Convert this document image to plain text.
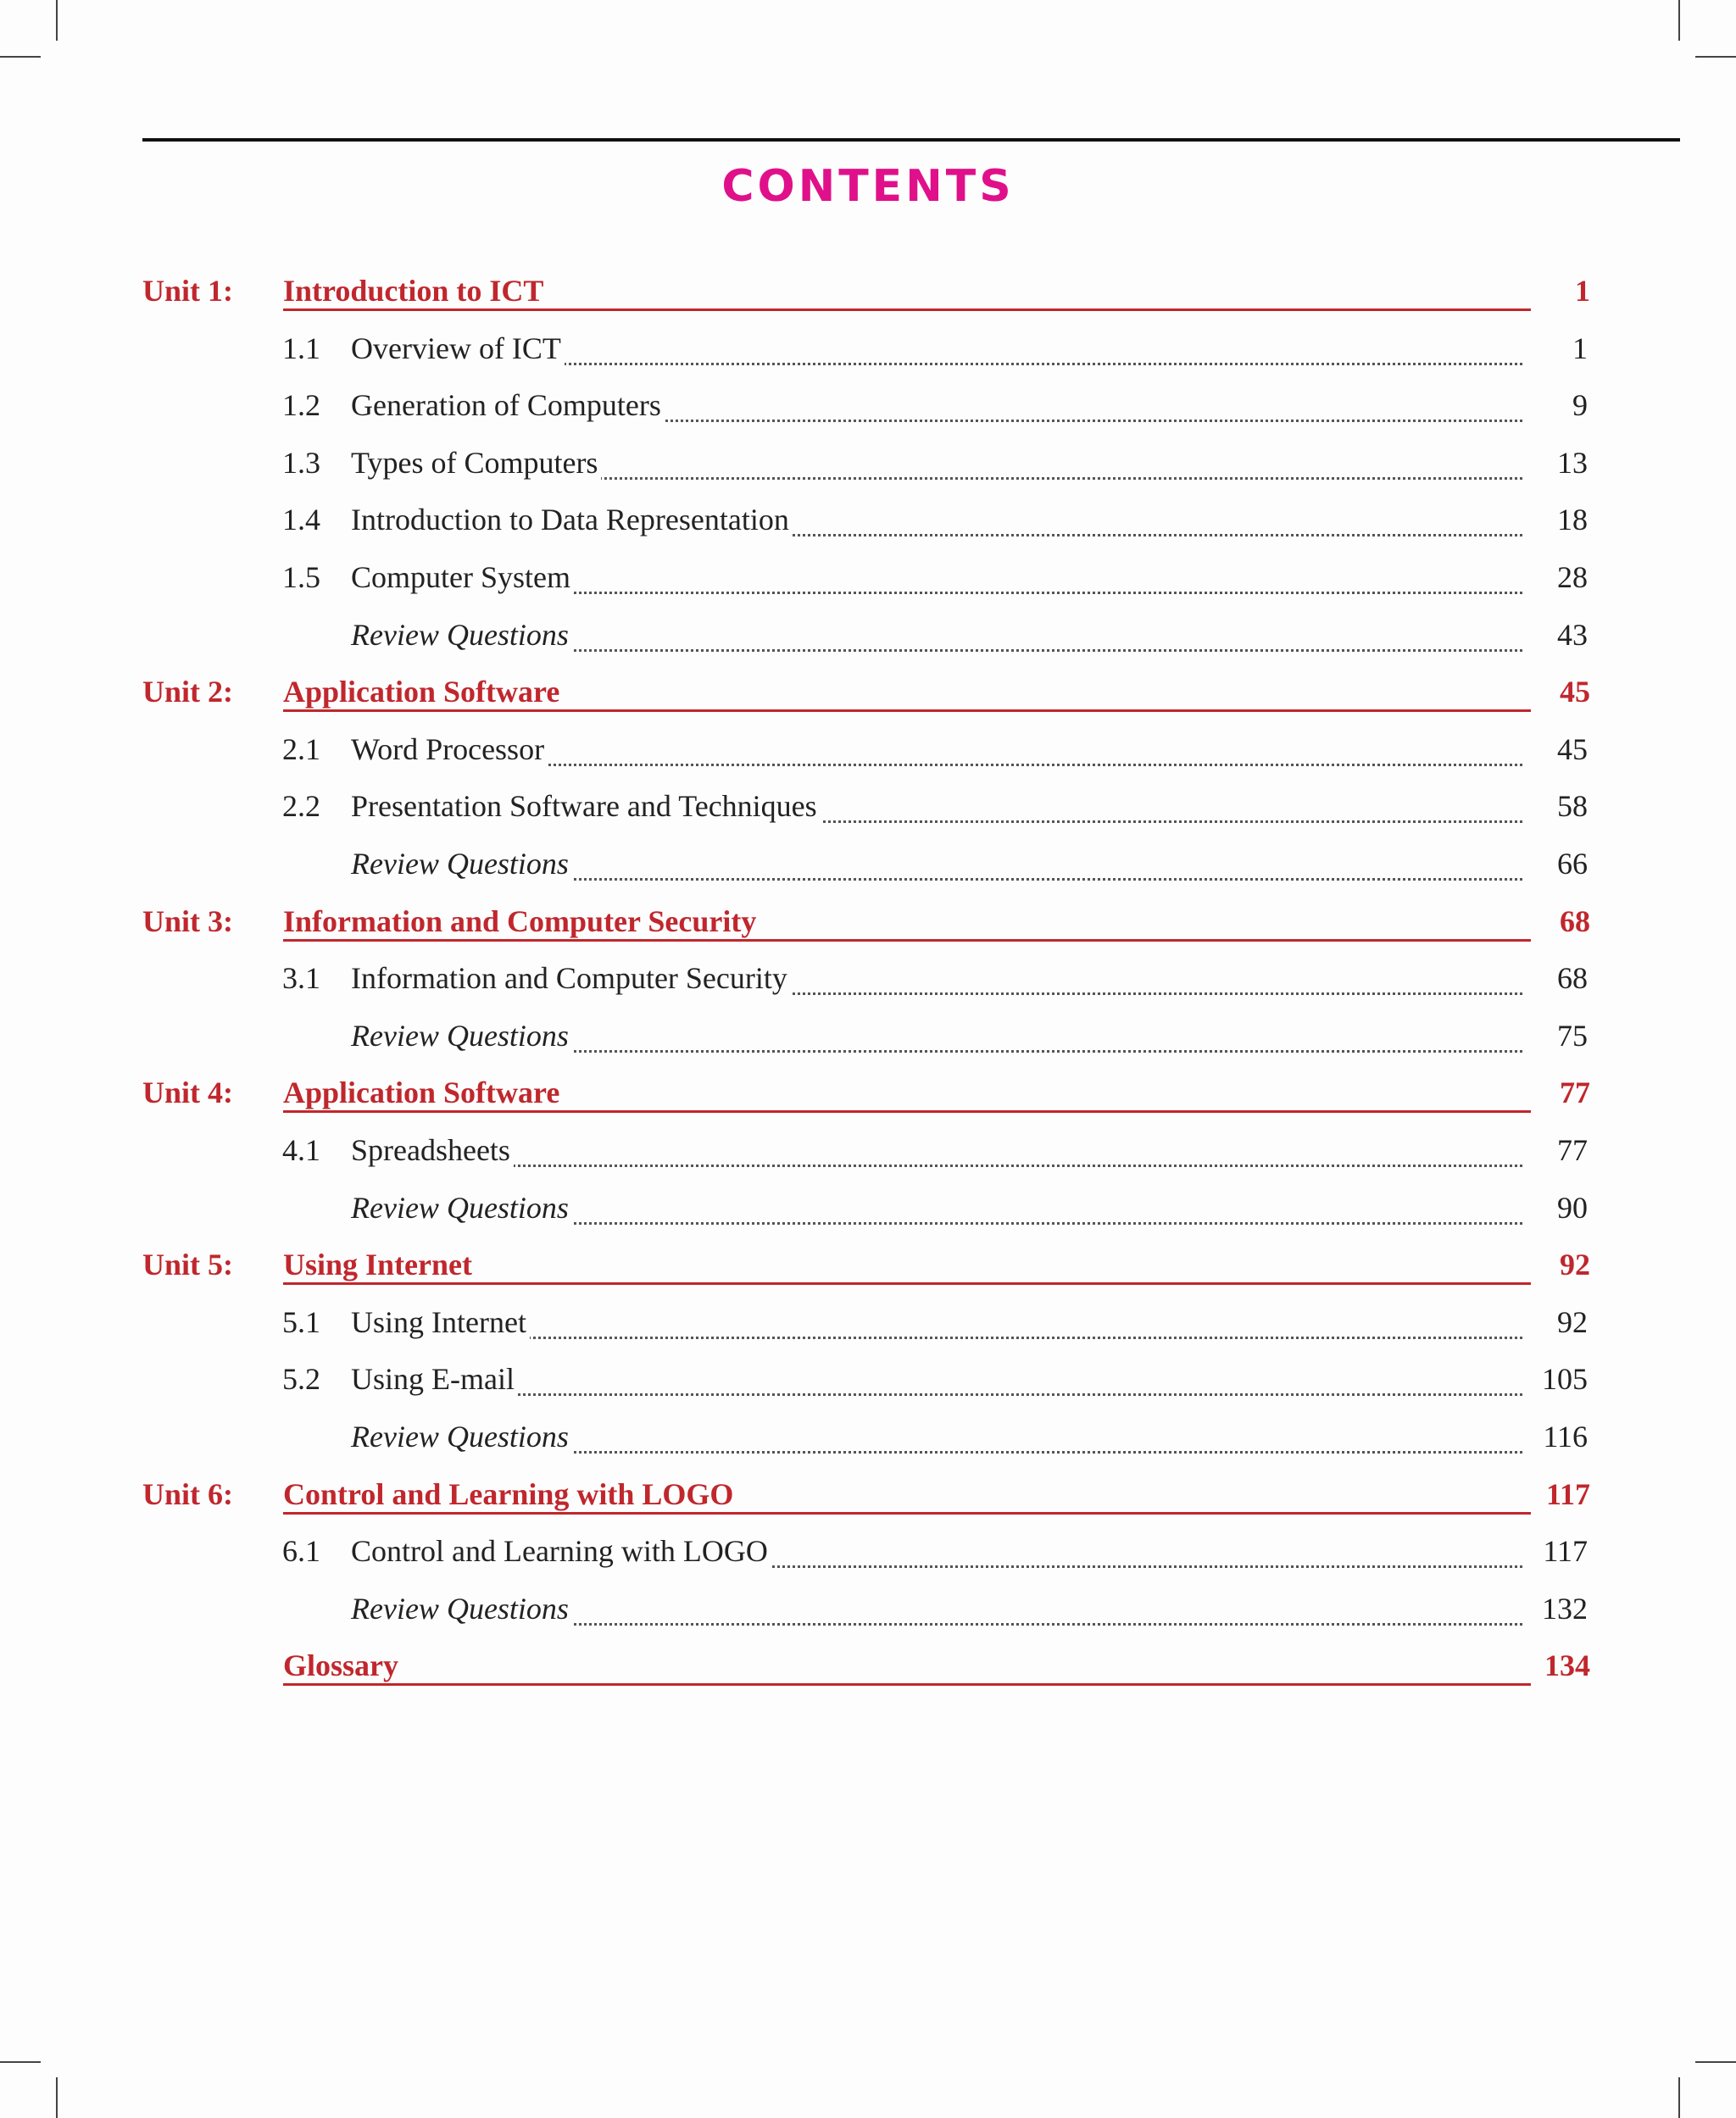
CONTENTS
Unit 1: Introduction to ICT	1
1.1 Overview of ICT	1
1.2 Generation of Computers	9
1.3 Types of Computers	13
1.4 Introduction to Data Representation	18
1.5 Computer System	28
Review Questions	43
Unit 2: Application Software	45
2.1 Word Processor	45
2.2 Presentation Software and Techniques	58
Review Questions	66
Unit 3: Information and Computer Security	68
3.1 Information and Computer Security	68
Review Questions	75
Unit 4: Application Software	77
4.1 Spreadsheets	77
Review Questions	90
Unit 5: Using Internet	92
5.1 Using Internet	92
5.2 Using E-mail	105
Review Questions	116
Unit 6: Control and Learning with LOGO	117
6.1 Control and Learning with LOGO	117
Review Questions	132
Glossary	134
